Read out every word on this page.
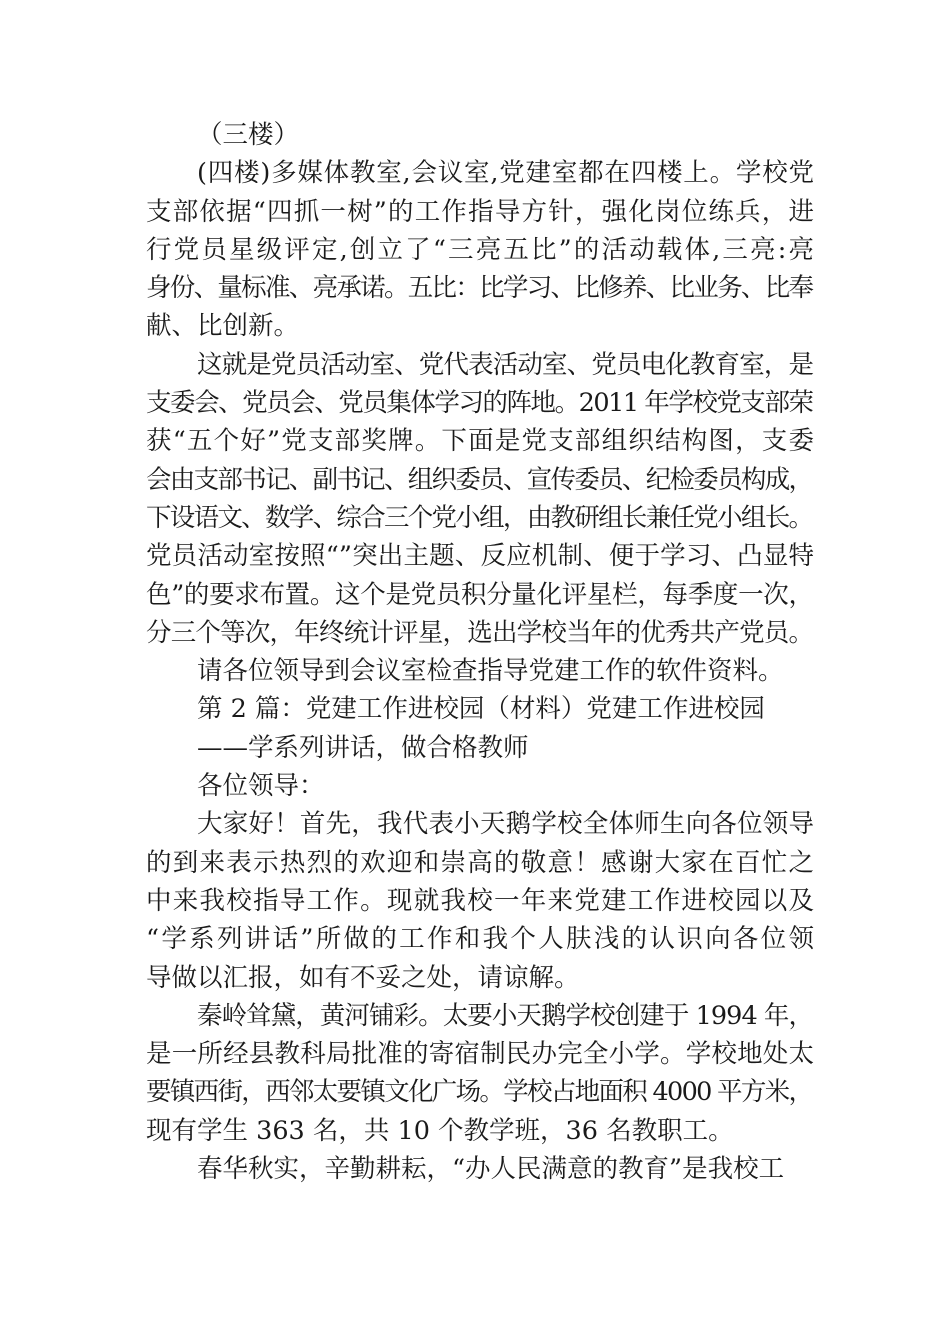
（三楼）
(四楼)多媒体教室,会议室,党建室都在四楼上。学校党
支部依据“四抓一树”的工作指导方针，强化岗位练兵，进
行党员星级评定,创立了“三亮五比”的活动载体,三亮:亮
身份、量标准、亮承诺。五比：比学习、比修养、比业务、比奉
献、比创新。
这就是党员活动室、党代表活动室、党员电化教育室，是
支委会、党员会、党员集体学习的阵地。2011 年学校党支部荣
获“五个好”党支部奖牌。下面是党支部组织结构图，支委
会由支部书记、副书记、组织委员、宣传委员、纪检委员构成，
下设语文、数学、综合三个党小组，由教研组长兼任党小组长。
党员活动室按照“”突出主题、反应机制、便于学习、凸显特
色”的要求布置。这个是党员积分量化评星栏，每季度一次，
分三个等次，年终统计评星，选出学校当年的优秀共产党员。
请各位领导到会议室检查指导党建工作的软件资料。
第 2 篇：党建工作进校园（材料）党建工作进校园
——学系列讲话，做合格教师
各位领导：
大家好！首先，我代表小天鹅学校全体师生向各位领导
的到来表示热烈的欢迎和崇高的敬意！感谢大家在百忙之
中来我校指导工作。现就我校一年来党建工作进校园以及
“学系列讲话”所做的工作和我个人肤浅的认识向各位领
导做以汇报，如有不妥之处，请谅解。
秦岭耸黛，黄河铺彩。太要小天鹅学校创建于 1994 年，
是一所经县教科局批准的寄宿制民办完全小学。学校地处太
要镇西街，西邻太要镇文化广场。学校占地面积 4000 平方米，
现有学生 363 名，共 10 个教学班，36 名教职工。
春华秋实，辛勤耕耘，“办人民满意的教育”是我校工
